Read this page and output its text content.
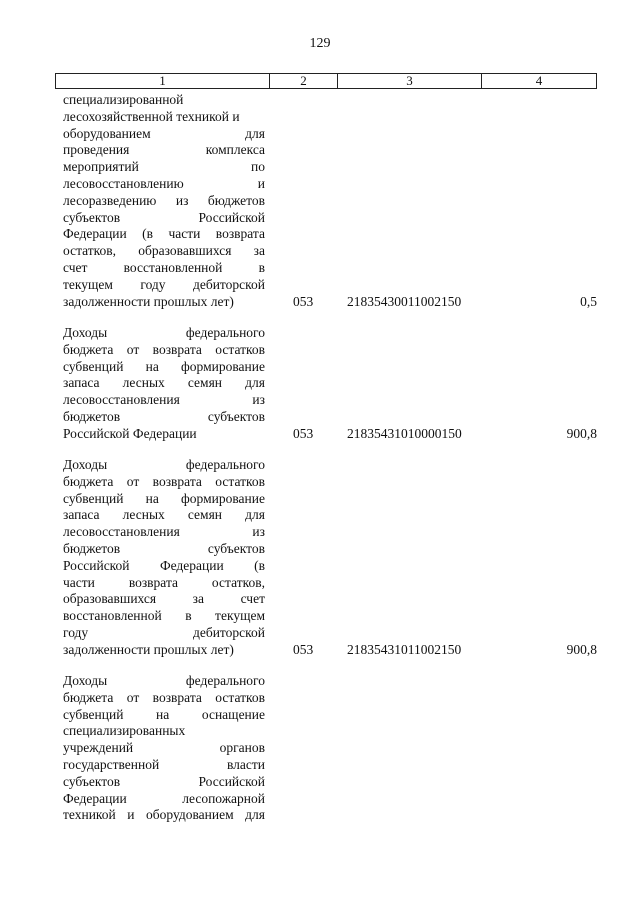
129
1	2	3	4
специализированной
лесохозяйственной техникой и
оборудованием для
проведения комплекса
мероприятий по
лесовосстановлению и
лесоразведению из бюджетов
субъектов Российской
Федерации (в части возврата
остатков, образовавшихся за
счет восстановленной в
текущем году дебиторской
задолженности прошлых лет)	053	21835430011002150	0,5
Доходы федерального
бюджета от возврата остатков
субвенций на формирование
запаса лесных семян для
лесовосстановления из
бюджетов субъектов
Российской Федерации	053	21835431010000150	900,8
Доходы федерального
бюджета от возврата остатков
субвенций на формирование
запаса лесных семян для
лесовосстановления из
бюджетов субъектов
Российской Федерации (в
части возврата остатков,
образовавшихся за счет
восстановленной в текущем
году дебиторской
задолженности прошлых лет)	053	21835431011002150	900,8
Доходы федерального
бюджета от возврата остатков
субвенций на оснащение
специализированных
учреждений органов
государственной власти
субъектов Российской
Федерации лесопожарной
техникой и оборудованием для
